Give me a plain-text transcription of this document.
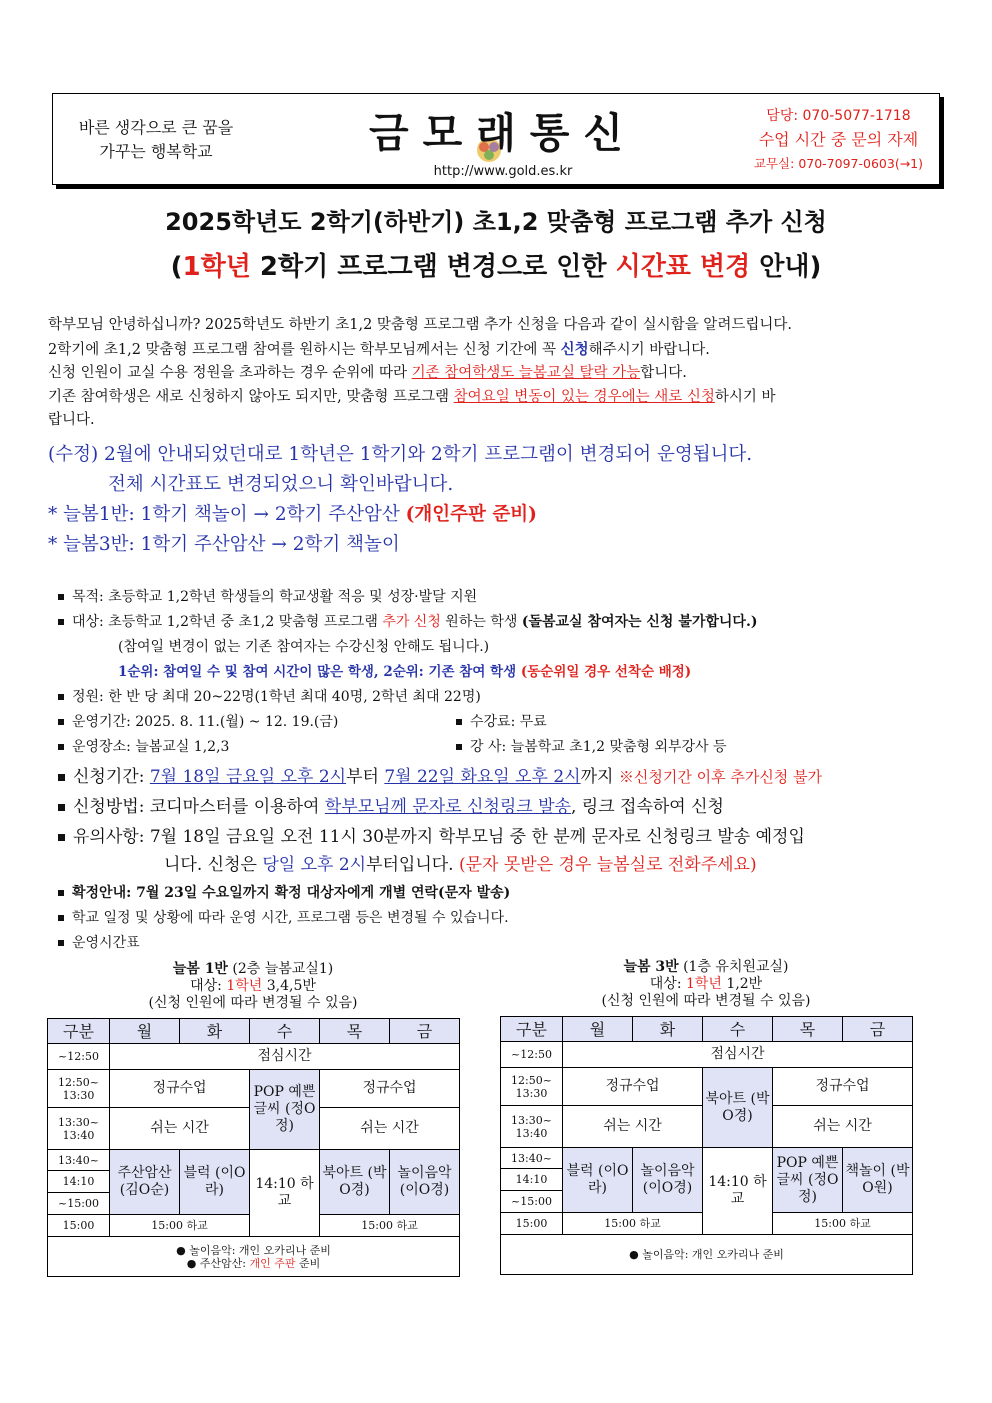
바른 생각으로 큰 꿈을
가꾸는 행복학교	금모래통신
http://www.gold.es.kr
담당: 070-5077-1718
수업 시간 중 문의 자제
교무실: 070-7097-0603(→1)
2025학년도 2학기(하반기) 초1,2 맞춤형 프로그램 추가 신청
(1학년 2학기 프로그램 변경으로 인한 시간표 변경 안내)
학부모님 안녕하십니까? 2025학년도 하반기 초1,2 맞춤형 프로그램 추가 신청을 다음과 같이 실시함을 알려드립니다.
2학기에 초1,2 맞춤형 프로그램 참여를 원하시는 학부모님께서는 신청 기간에 꼭 신청해주시기 바랍니다.
신청 인원이 교실 수용 정원을 초과하는 경우 순위에 따라 기존 참여학생도 늘봄교실 탈락 가능합니다.
기존 참여학생은 새로 신청하지 않아도 되지만, 맞춤형 프로그램 참여요일 변동이 있는 경우에는 새로 신청하시기 바
랍니다.
(수정) 2월에 안내되었던대로 1학년은 1학기와 2학기 프로그램이 변경되어 운영됩니다.
전체 시간표도 변경되었으니 확인바랍니다.
* 늘봄1반: 1학기 책놀이 → 2학기 주산암산 (개인주판 준비)
* 늘봄3반: 1학기 주산암산 → 2학기 책놀이
목적: 초등학교 1,2학년 학생들의 학교생활 적응 및 성장·발달 지원
대상: 초등학교 1,2학년 중 초1,2 맞춤형 프로그램 추가 신청 원하는 학생 (돌봄교실 참여자는 신청 불가합니다.)
(참여일 변경이 없는 기존 참여자는 수강신청 안해도 됩니다.)
1순위: 참여일 수 및 참여 시간이 많은 학생, 2순위: 기존 참여 학생 (동순위일 경우 선착순 배정)
정원: 한 반 당 최대 20~22명(1학년 최대 40명, 2학년 최대 22명)
운영기간: 2025. 8. 11.(월) ~ 12. 19.(금)	수강료: 무료
운영장소: 늘봄교실 1,2,3	강 사: 늘봄학교 초1,2 맞춤형 외부강사 등
신청기간: 7월 18일 금요일 오후 2시부터 7월 22일 화요일 오후 2시까지 ※신청기간 이후 추가신청 불가
신청방법: 코디마스터를 이용하여 학부모님께 문자로 신청링크 발송, 링크 접속하여 신청
유의사항: 7월 18일 금요일 오전 11시 30분까지 학부모님 중 한 분께 문자로 신청링크 발송 예정입
니다. 신청은 당일 오후 2시부터입니다. (문자 못받은 경우 늘봄실로 전화주세요)
확정안내: 7월 23일 수요일까지 확정 대상자에게 개별 연락(문자 발송)
학교 일정 및 상황에 따라 운영 시간, 프로그램 등은 변경될 수 있습니다.
운영시간표
늘봄 1반 (2층 늘봄교실1)
대상: 1학년 3,4,5반
(신청 인원에 따라 변경될 수 있음)
구분	월	화	수	목	금
~12:50	점심시간				
12:50~ 13:30	정규수업		POP 예쁜글씨 (정O정)	정규수업	
13:30~ 13:40	쉬는 시간			쉬는 시간	
13:40~	주산암산 (김O순)	블럭 (이O라)	14:10 하교	북아트 (박O경)	놀이음악 (이O경)
14:10					
~15:00					
15:00	15:00 하교			15:00 하교	

● 놀이음악: 개인 오카리나 준비
● 주산암산: 개인 주판 준비					
늘봄 3반 (1층 유치원교실)
대상: 1학년 1,2반
(신청 인원에 따라 변경될 수 있음)
구분	월	화	수	목	금
~12:50	점심시간				
12:50~ 13:30	정규수업		북아트 (박O경)	정규수업	
13:30~ 13:40	쉬는 시간			쉬는 시간	
13:40~	블럭 (이O라)	놀이음악 (이O경)	14:10 하교	POP 예쁜글씨 (정O정)	책놀이 (박O원)
14:10					
~15:00					
15:00	15:00 하교			15:00 하교	
● 놀이음악: 개인 오카리나 준비					
